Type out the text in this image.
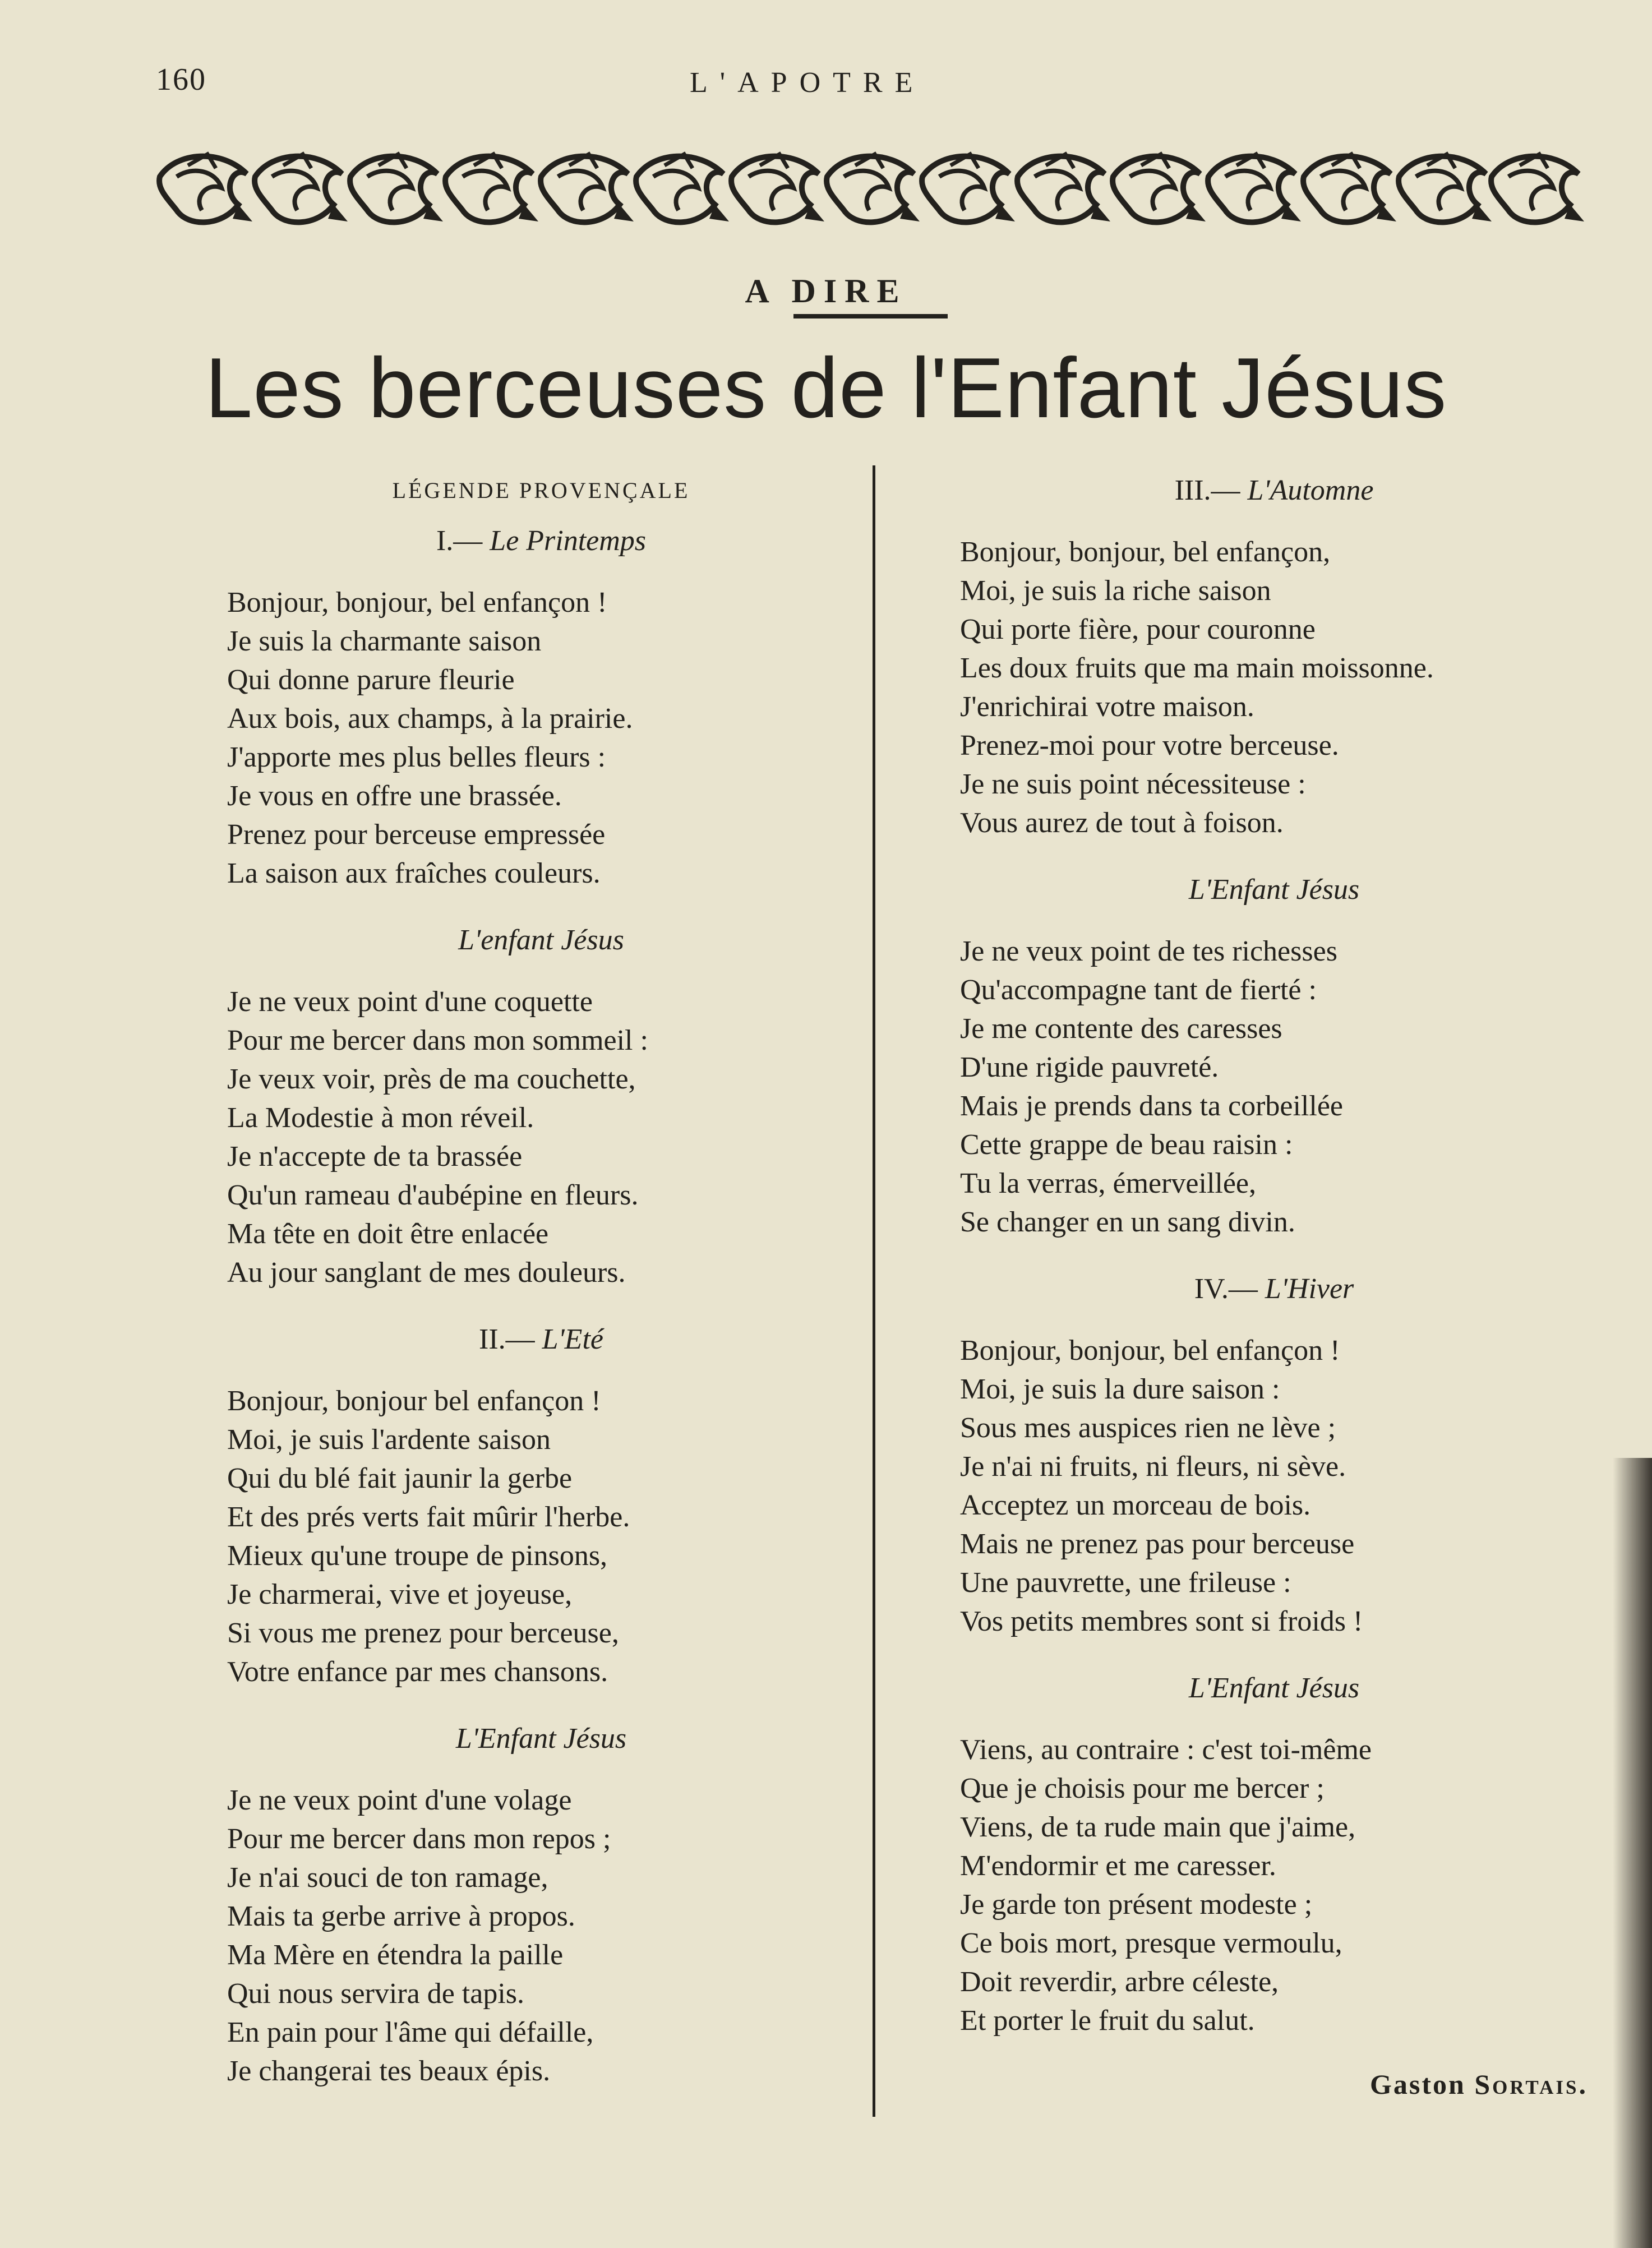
160	L'APOTRE
A DIRE
Les berceuses de l'Enfant Jésus
LÉGENDE PROVENÇALE
I.— Le Printemps
Bonjour, bonjour, bel enfançon !
Je suis la charmante saison
Qui donne parure fleurie
Aux bois, aux champs, à la prairie.
J'apporte mes plus belles fleurs :
Je vous en offre une brassée.
Prenez pour berceuse empressée
La saison aux fraîches couleurs.
L'enfant Jésus
Je ne veux point d'une coquette
Pour me bercer dans mon sommeil :
Je veux voir, près de ma couchette,
La Modestie à mon réveil.
Je n'accepte de ta brassée
Qu'un rameau d'aubépine en fleurs.
Ma tête en doit être enlacée
Au jour sanglant de mes douleurs.
II.— L'Eté
Bonjour, bonjour bel enfançon !
Moi, je suis l'ardente saison
Qui du blé fait jaunir la gerbe
Et des prés verts fait mûrir l'herbe.
Mieux qu'une troupe de pinsons,
Je charmerai, vive et joyeuse,
Si vous me prenez pour berceuse,
Votre enfance par mes chansons.
L'Enfant Jésus
Je ne veux point d'une volage
Pour me bercer dans mon repos ;
Je n'ai souci de ton ramage,
Mais ta gerbe arrive à propos.
Ma Mère en étendra la paille
Qui nous servira de tapis.
En pain pour l'âme qui défaille,
Je changerai tes beaux épis.
III.— L'Automne
Bonjour, bonjour, bel enfançon,
Moi, je suis la riche saison
Qui porte fière, pour couronne
Les doux fruits que ma main moissonne.
J'enrichirai votre maison.
Prenez-moi pour votre berceuse.
Je ne suis point nécessiteuse :
Vous aurez de tout à foison.
L'Enfant Jésus
Je ne veux point de tes richesses
Qu'accompagne tant de fierté :
Je me contente des caresses
D'une rigide pauvreté.
Mais je prends dans ta corbeillée
Cette grappe de beau raisin :
Tu la verras, émerveillée,
Se changer en un sang divin.
IV.— L'Hiver
Bonjour, bonjour, bel enfançon !
Moi, je suis la dure saison :
Sous mes auspices rien ne lève ;
Je n'ai ni fruits, ni fleurs, ni sève.
Acceptez un morceau de bois.
Mais ne prenez pas pour berceuse
Une pauvrette, une frileuse :
Vos petits membres sont si froids !
L'Enfant Jésus
Viens, au contraire : c'est toi-même
Que je choisis pour me bercer ;
Viens, de ta rude main que j'aime,
M'endormir et me caresser.
Je garde ton présent modeste ;
Ce bois mort, presque vermoulu,
Doit reverdir, arbre céleste,
Et porter le fruit du salut.
Gaston Sortais.
